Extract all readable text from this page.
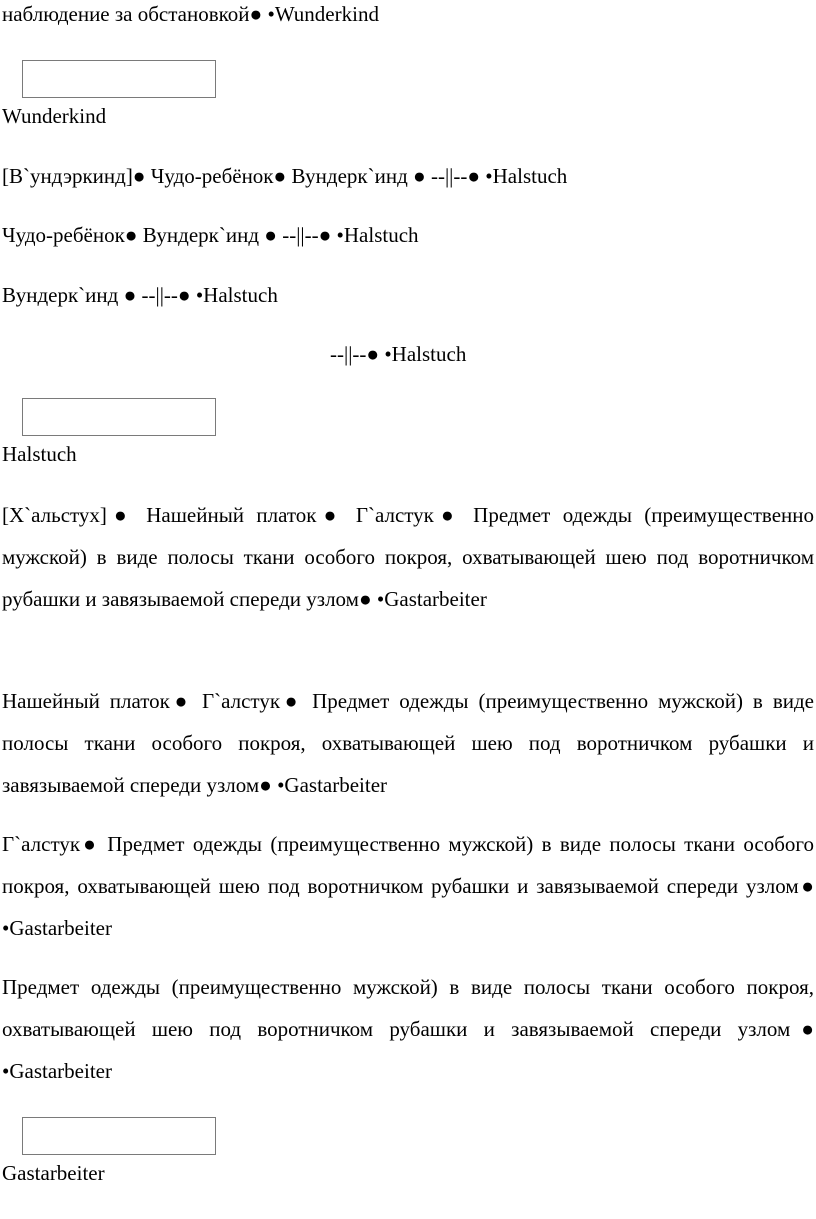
наблюдение за обстановкой● •Wunderkind
Wunderkind
[В`ундэркинд]● Чудо-ребёнок● Вундерк`инд ● --||--● •Halstuch
Чудо-ребёнок● Вундерк`инд ● --||--● •Halstuch
Вундерк`инд ● --||--● •Halstuch
--||--● •Halstuch
Halstuch
[Х`альстух]● Нашейный платок● Г`алстук● Предмет одежды (преимущественно мужской) в виде полосы ткани особого покроя, охватывающей шею под воротничком рубашки и завязываемой спереди узлом● •Gastarbeiter
Нашейный платок● Г`алстук● Предмет одежды (преимущественно мужской) в виде полосы ткани особого покроя, охватывающей шею под воротничком рубашки и завязываемой спереди узлом● •Gastarbeiter
Г`алстук● Предмет одежды (преимущественно мужской) в виде полосы ткани особого покроя, охватывающей шею под воротничком рубашки и завязываемой спереди узлом● •Gastarbeiter
Предмет одежды (преимущественно мужской) в виде полосы ткани особого покроя, охватывающей шею под воротничком рубашки и завязываемой спереди узлом● •Gastarbeiter
Gastarbeiter
